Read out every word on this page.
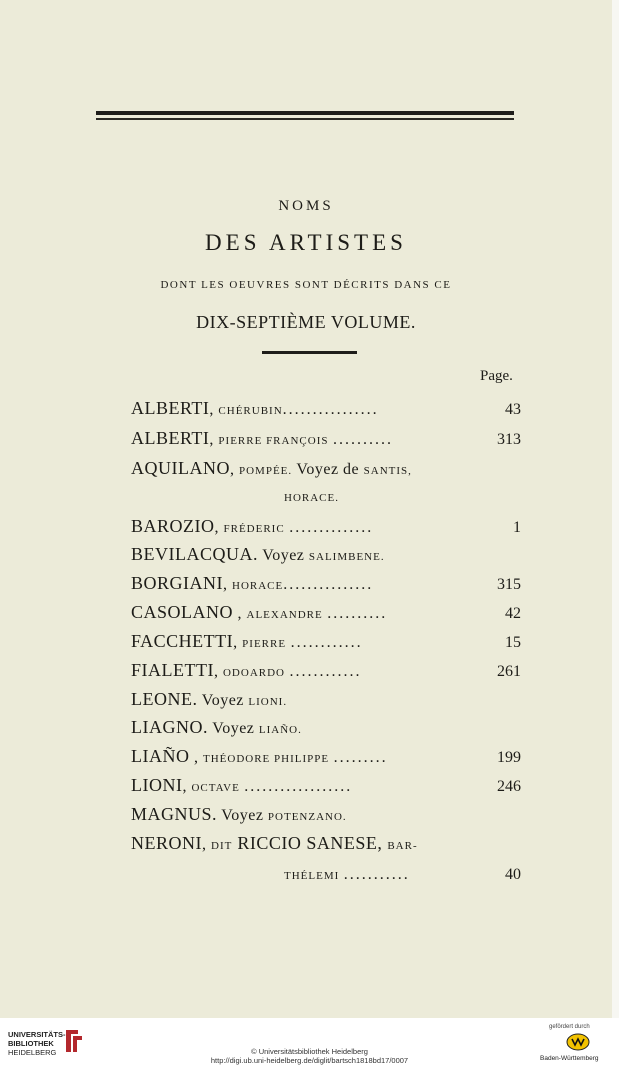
NOMS
DES ARTISTES
DONT LES OEUVRES SONT DÉCRITS DANS CE
DIX-SEPTIÈME VOLUME.
Page.
ALBERTI, CHÉRUBIN................	43
ALBERTI, PIERRE FRANÇOIS ..........	313
AQUILANO, POMPÉE. Voyez de SANTIS,
HORACE.
BAROZIO, FRÉDERIC ..............	1
BEVILACQUA. Voyez SALIMBENE.
BORGIANI, HORACE...............	315
CASOLANO , ALEXANDRE ..........	42
FACCHETTI, PIERRE ............	15
FIALETTI, ODOARDO ............	261
LEONE. Voyez LIONI.
LIAGNO. Voyez LIAÑO.
LIAÑO , THÉODORE PHILIPPE .........	199
LIONI, OCTAVE ..................	246
MAGNUS. Voyez POTENZANO.
NERONI, DIT RICCIO SANESE, BAR-
THÉLEMI ...........	40
UNIVERSITÄTS-
BIBLIOTHEK
HEIDELBERG	© Universitätsbibliothek Heidelberg
http://digi.ub.uni-heidelberg.de/diglit/bartsch1818bd17/0007
gefördert durch
Baden-Württemberg
